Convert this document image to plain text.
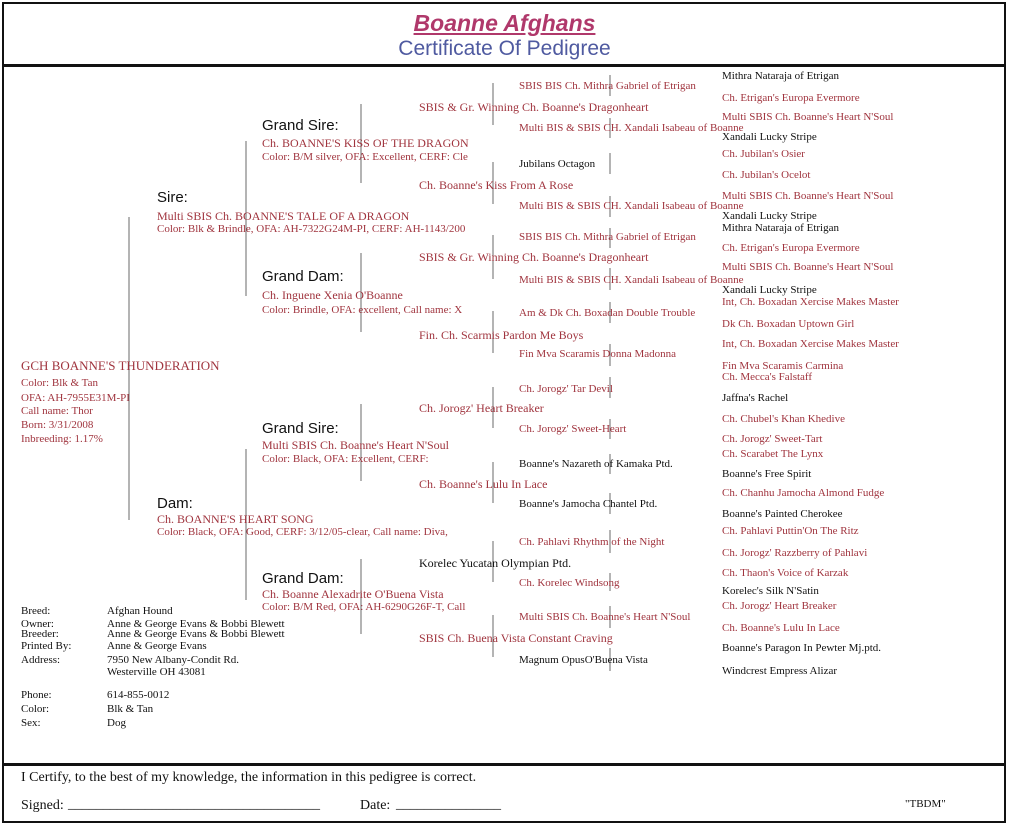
Boanne Afghans
Certificate Of Pedigree
Sire:
Dam:
Grand Sire:
Grand Dam:
Grand Sire:
Grand Dam:
GCH BOANNE'S THUNDERATION
Color: Blk & Tan
OFA: AH-7955E31M-PI
Call name: Thor
Born: 3/31/2008
Inbreeding: 1.17%
Multi SBIS Ch. BOANNE'S TALE OF A DRAGON
Color: Blk & Brindle, OFA: AH-7322G24M-PI, CERF: AH-1143/200
Ch. BOANNE'S HEART SONG
Color: Black, OFA: Good, CERF: 3/12/05-clear, Call name: Diva,
Ch. BOANNE'S KISS OF THE DRAGON
Color: B/M silver, OFA: Excellent, CERF: Cle
Ch. Inguene Xenia O'Boanne
Color: Brindle, OFA: excellent, Call name: X
Multi SBIS Ch. Boanne's Heart N'Soul
Color: Black, OFA: Excellent, CERF:
Ch. Boanne Alexadrite O'Buena Vista
Color: B/M Red, OFA: AH-6290G26F-T, Call
SBIS & Gr. Winning Ch. Boanne's Dragonheart
Ch. Boanne's Kiss From A Rose
SBIS & Gr. Winning Ch. Boanne's Dragonheart
Fin. Ch. Scarmis Pardon Me Boys
Ch. Jorogz' Heart Breaker
Ch. Boanne's Lulu In Lace
Korelec Yucatan Olympian Ptd.
SBIS Ch. Buena Vista Constant Craving
SBIS BIS Ch. Mithra Gabriel of Etrigan
Multi BIS & SBIS CH. Xandali Isabeau of Boanne
Jubilans Octagon
Multi BIS & SBIS CH. Xandali Isabeau of Boanne
SBIS BIS Ch. Mithra Gabriel of Etrigan
Multi BIS & SBIS CH. Xandali Isabeau of Boanne
Am & Dk Ch. Boxadan Double Trouble
Fin Mva Scaramis Donna Madonna
Ch. Jorogz' Tar Devil
Ch. Jorogz' Sweet-Heart
Boanne's Nazareth of Kamaka Ptd.
Boanne's Jamocha Chantel Ptd.
Ch. Pahlavi Rhythm of the Night
Ch. Korelec Windsong
Multi SBIS Ch. Boanne's Heart N'Soul
Magnum OpusO'Buena Vista
Mithra Nataraja of Etrigan
Ch. Etrigan's Europa Evermore
Multi SBIS Ch. Boanne's Heart N'Soul
Xandali Lucky Stripe
Ch. Jubilan's Osier
Ch. Jubilan's Ocelot
Multi SBIS Ch. Boanne's Heart N'Soul
Xandali Lucky Stripe
Mithra Nataraja of Etrigan
Ch. Etrigan's Europa Evermore
Multi SBIS Ch. Boanne's Heart N'Soul
Xandali Lucky Stripe
Int, Ch. Boxadan Xercise Makes Master
Dk Ch. Boxadan Uptown Girl
Int, Ch. Boxadan Xercise Makes Master
Fin Mva Scaramis Carmina
Ch. Mecca's Falstaff
Jaffna's Rachel
Ch. Chubel's Khan Khedive
Ch. Jorogz' Sweet-Tart
Ch. Scarabet The Lynx
Boanne's Free Spirit
Ch. Chanhu Jamocha Almond Fudge
Boanne's Painted Cherokee
Ch. Pahlavi Puttin'On The Ritz
Ch. Jorogz' Razzberry of Pahlavi
Ch. Thaon's Voice of Karzak
Korelec's Silk N'Satin
Ch. Jorogz' Heart Breaker
Ch. Boanne's Lulu In Lace
Boanne's Paragon In Pewter Mj.ptd.
Windcrest Empress Alizar
Breed:	Afghan Hound
Owner:	Anne & George Evans & Bobbi Blewett
Breeder:	Anne & George Evans & Bobbi Blewett
Printed By:	Anne & George Evans
Address:	7950 New Albany-Condit Rd.
Westerville OH 43081
Phone:	614-855-0012
Color:	Blk & Tan
Sex:	Dog
I Certify, to the best of my knowledge, the information in this pedigree is correct.
Signed: ____________________________________	Date: _______________	"TBDM"
